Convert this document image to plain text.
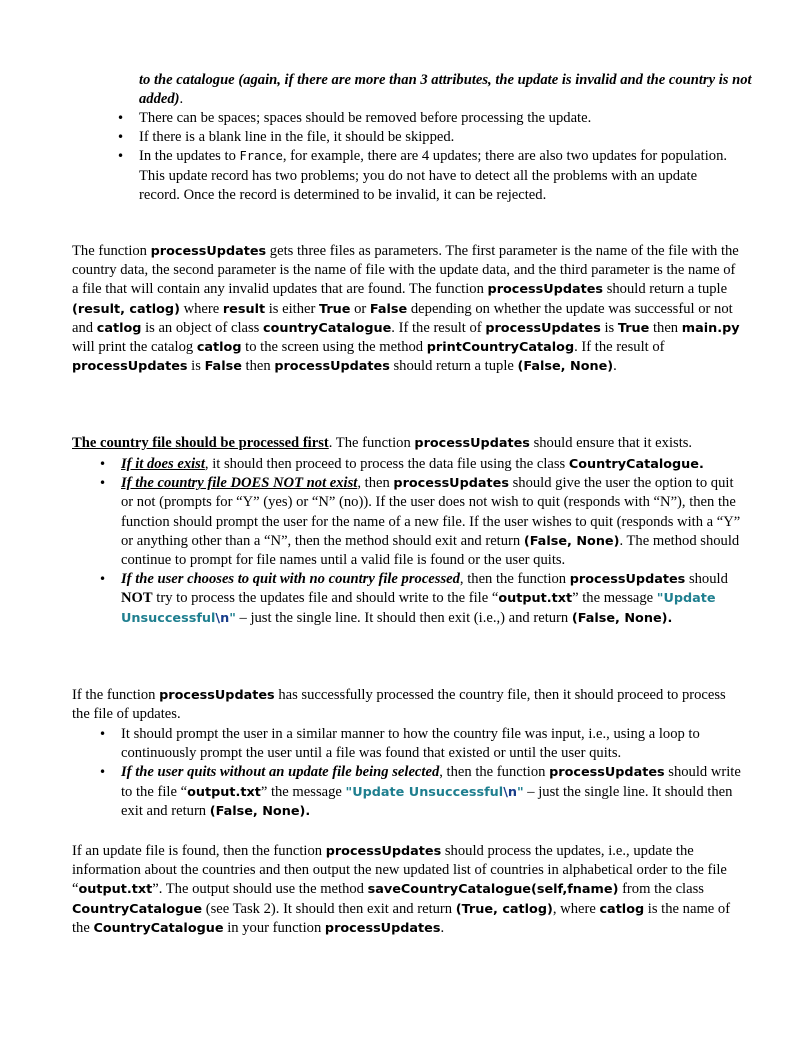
to the catalogue (again, if there are more than 3 attributes, the update is invalid and the country is not added).

• There can be spaces; spaces should be removed before processing the update.
• If there is a blank line in the file, it should be skipped.
• In the updates to France, for example, there are 4 updates; there are also two updates for population. This update record has two problems; you do not have to detect all the problems with an update record. Once the record is determined to be invalid, it can be rejected.

The function processUpdates gets three files as parameters. The first parameter is the name of the file with the country data, the second parameter is the name of file with the update data, and the third parameter is the name of a file that will contain any invalid updates that are found. The function processUpdates should return a tuple (result, catlog) where result is either True or False depending on whether the update was successful or not and catlog is an object of class countryCatalogue. If the result of processUpdates is True then main.py will print the catalog catlog to the screen using the method printCountryCatalog. If the result of processUpdates is False then processUpdates should return a tuple (False, None).

The country file should be processed first. The function processUpdates should ensure that it exists.

• If it does exist, it should then proceed to process the data file using the class CountryCatalogue.
• If the country file DOES NOT not exist, then processUpdates should give the user the option to quit or not (prompts for “Y” (yes) or “N” (no)). If the user does not wish to quit (responds with “N”), then the function should prompt the user for the name of a new file. If the user wishes to quit (responds with a “Y” or anything other than a “N”, then the method should exit and return (False, None). The method should continue to prompt for file names until a valid file is found or the user quits.
• If the user chooses to quit with no country file processed, then the function processUpdates should NOT try to process the updates file and should write to the file “output.txt” the message "Update Unsuccessful\n" – just the single line. It should then exit (i.e.,) and return (False, None).

If the function processUpdates has successfully processed the country file, then it should proceed to process the file of updates.

• It should prompt the user in a similar manner to how the country file was input, i.e., using a loop to continuously prompt the user until a file was found that existed or until the user quits.
• If the user quits without an update file being selected, then the function processUpdates should write to the file “output.txt” the message "Update Unsuccessful\n" – just the single line. It should then exit and return (False, None).

If an update file is found, then the function processUpdates should process the updates, i.e., update the information about the countries and then output the new updated list of countries in alphabetical order to the file “output.txt”. The output should use the method saveCountryCatalogue(self,fname) from the class CountryCatalogue (see Task 2). It should then exit and return (True, catlog), where catlog is the name of the CountryCatalogue in your function processUpdates.
